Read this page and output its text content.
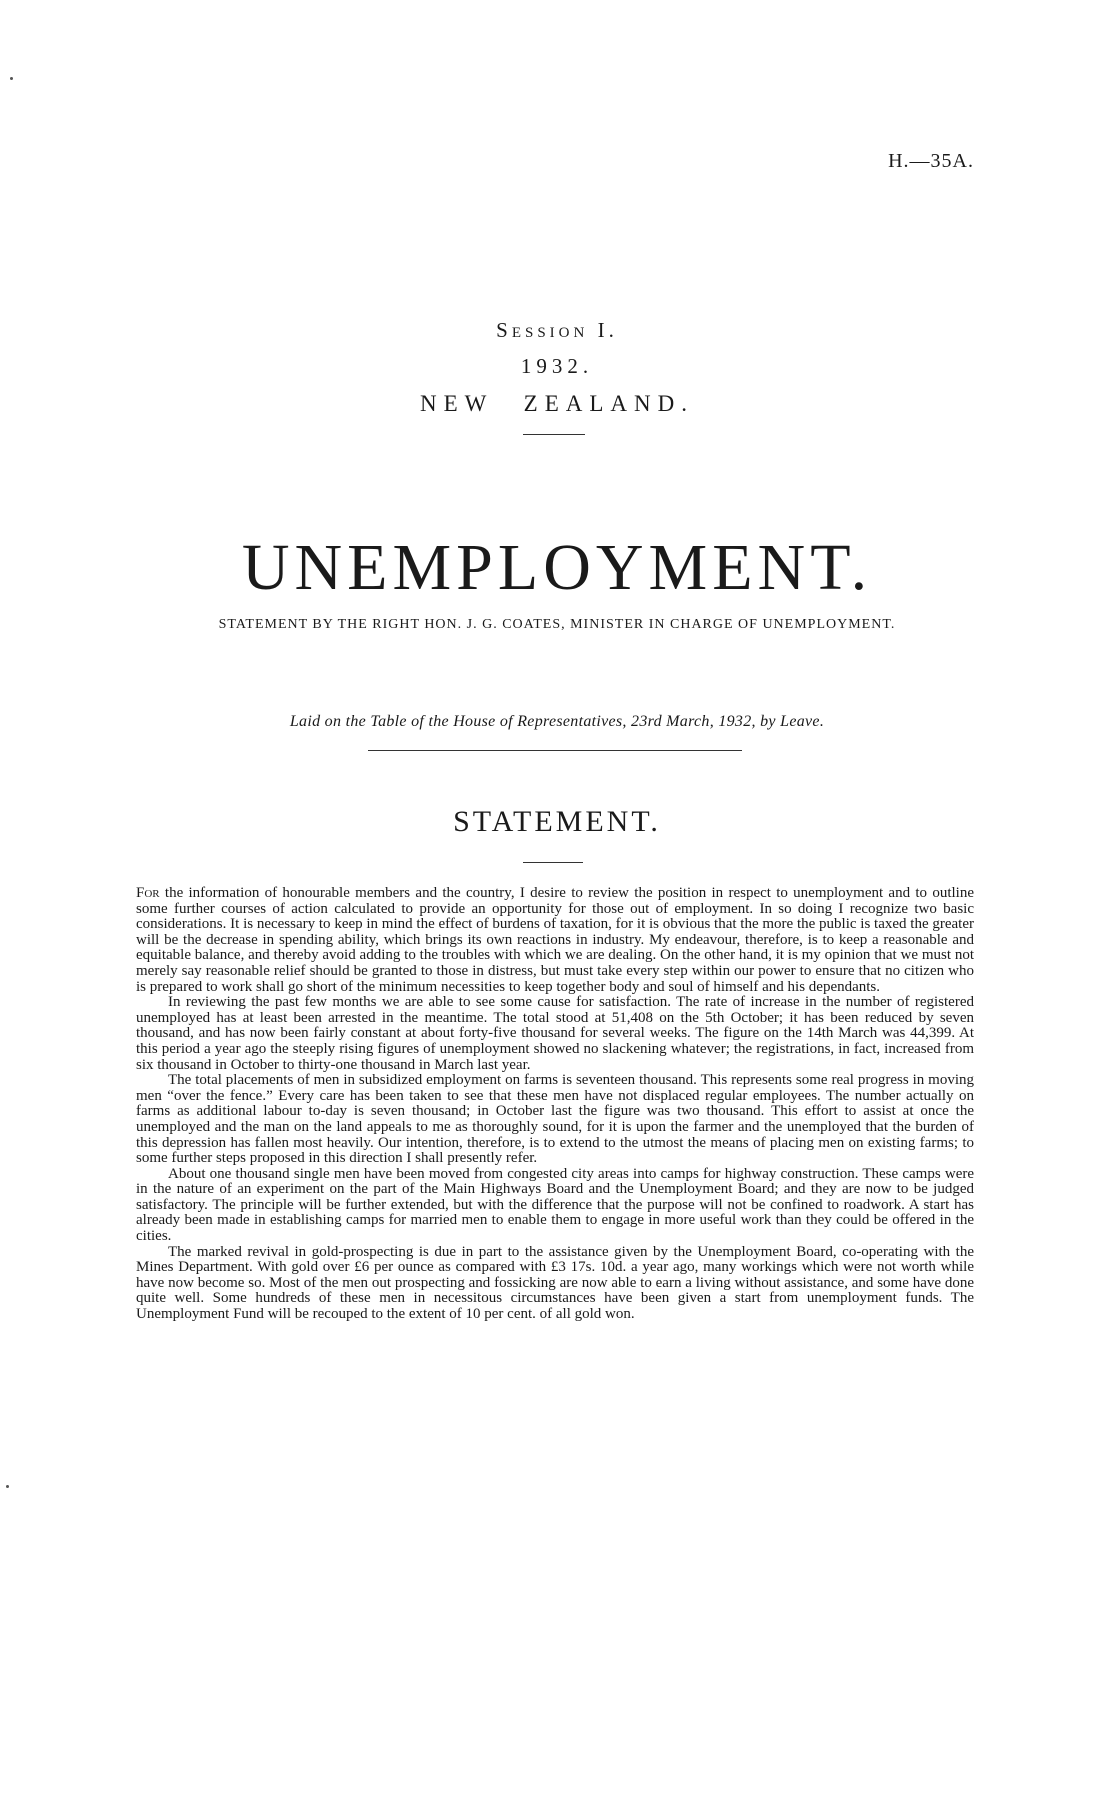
H.—35A.
Session I.
1932.
NEW ZEALAND.
UNEMPLOYMENT.
STATEMENT BY THE RIGHT HON. J. G. COATES, MINISTER IN CHARGE OF UNEMPLOYMENT.
Laid on the Table of the House of Representatives, 23rd March, 1932, by Leave.
STATEMENT.

For the information of honourable members and the country, I desire to review the position in respect to unemployment and to outline some further courses of action calculated to provide an opportunity for those out of employment. In so doing I recognize two basic considerations. It is necessary to keep in mind the effect of burdens of taxation, for it is obvious that the more the public is taxed the greater will be the decrease in spending ability, which brings its own reactions in industry. My endeavour, therefore, is to keep a reasonable and equitable balance, and thereby avoid adding to the troubles with which we are dealing. On the other hand, it is my opinion that we must not merely say reasonable relief should be granted to those in distress, but must take every step within our power to ensure that no citizen who is prepared to work shall go short of the minimum necessities to keep together body and soul of himself and his dependants.

In reviewing the past few months we are able to see some cause for satisfaction. The rate of increase in the number of registered unemployed has at least been arrested in the meantime. The total stood at 51,408 on the 5th October; it has been reduced by seven thousand, and has now been fairly constant at about forty-five thousand for several weeks. The figure on the 14th March was 44,399. At this period a year ago the steeply rising figures of unemployment showed no slackening whatever; the registrations, in fact, increased from six thousand in October to thirty-one thousand in March last year.

The total placements of men in subsidized employment on farms is seventeen thousand. This represents some real progress in moving men “over the fence.” Every care has been taken to see that these men have not displaced regular employees. The number actually on farms as additional labour to-day is seven thousand; in October last the figure was two thousand. This effort to assist at once the unemployed and the man on the land appeals to me as thoroughly sound, for it is upon the farmer and the unemployed that the burden of this depression has fallen most heavily. Our intention, therefore, is to extend to the utmost the means of placing men on existing farms; to some further steps proposed in this direction I shall presently refer.

About one thousand single men have been moved from congested city areas into camps for highway construction. These camps were in the nature of an experiment on the part of the Main Highways Board and the Unemployment Board; and they are now to be judged satisfactory. The principle will be further extended, but with the difference that the purpose will not be confined to roadwork. A start has already been made in establishing camps for married men to enable them to engage in more useful work than they could be offered in the cities.

The marked revival in gold-prospecting is due in part to the assistance given by the Unemployment Board, co-operating with the Mines Department. With gold over £6 per ounce as compared with £3 17s. 10d. a year ago, many workings which were not worth while have now become so. Most of the men out prospecting and fossicking are now able to earn a living without assistance, and some have done quite well. Some hundreds of these men in necessitous circumstances have been given a start from unemployment funds. The Unemployment Fund will be recouped to the extent of 10 per cent. of all gold won.
